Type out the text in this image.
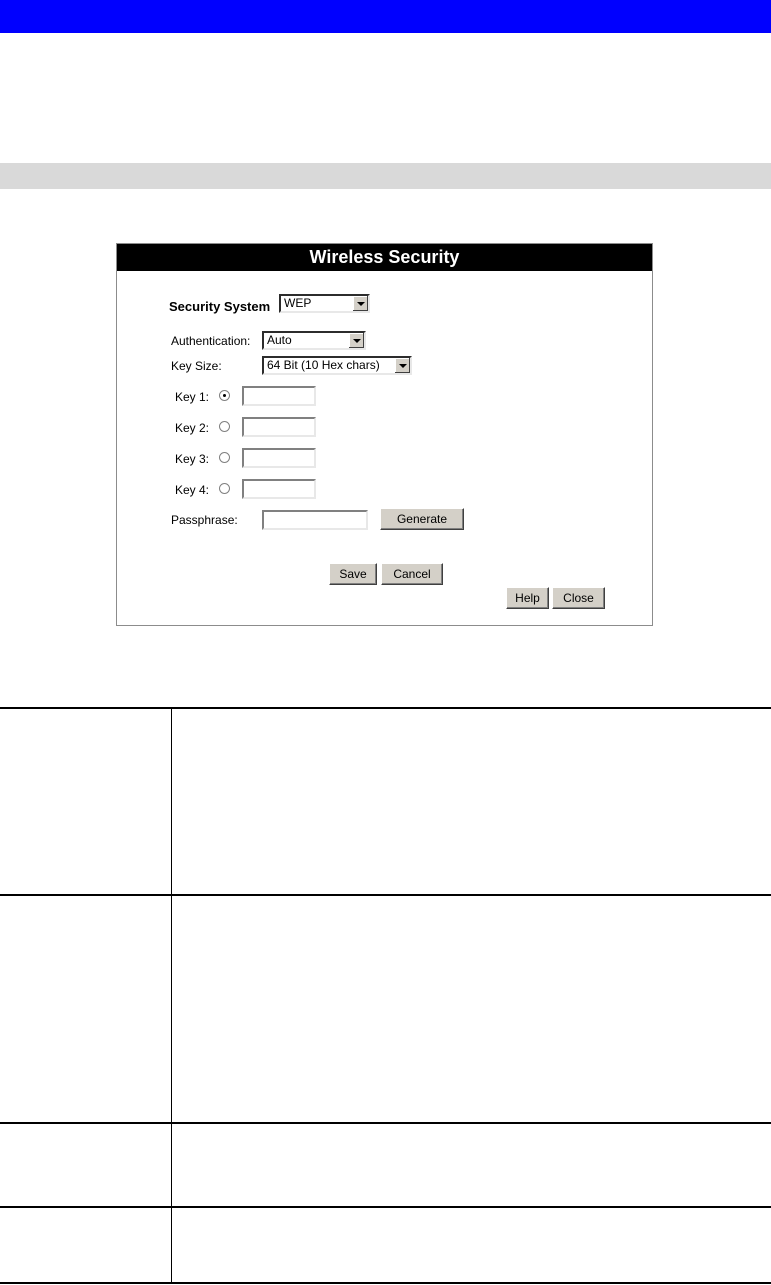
Wireless Security
Security System WEP
Authentication: Auto
Key Size:	64 Bit (10 Hex chars)
Key 1:
Key 2:
Key 3:
Key 4:
Passphrase:	Generate
Save	Cancel
Help	Close
